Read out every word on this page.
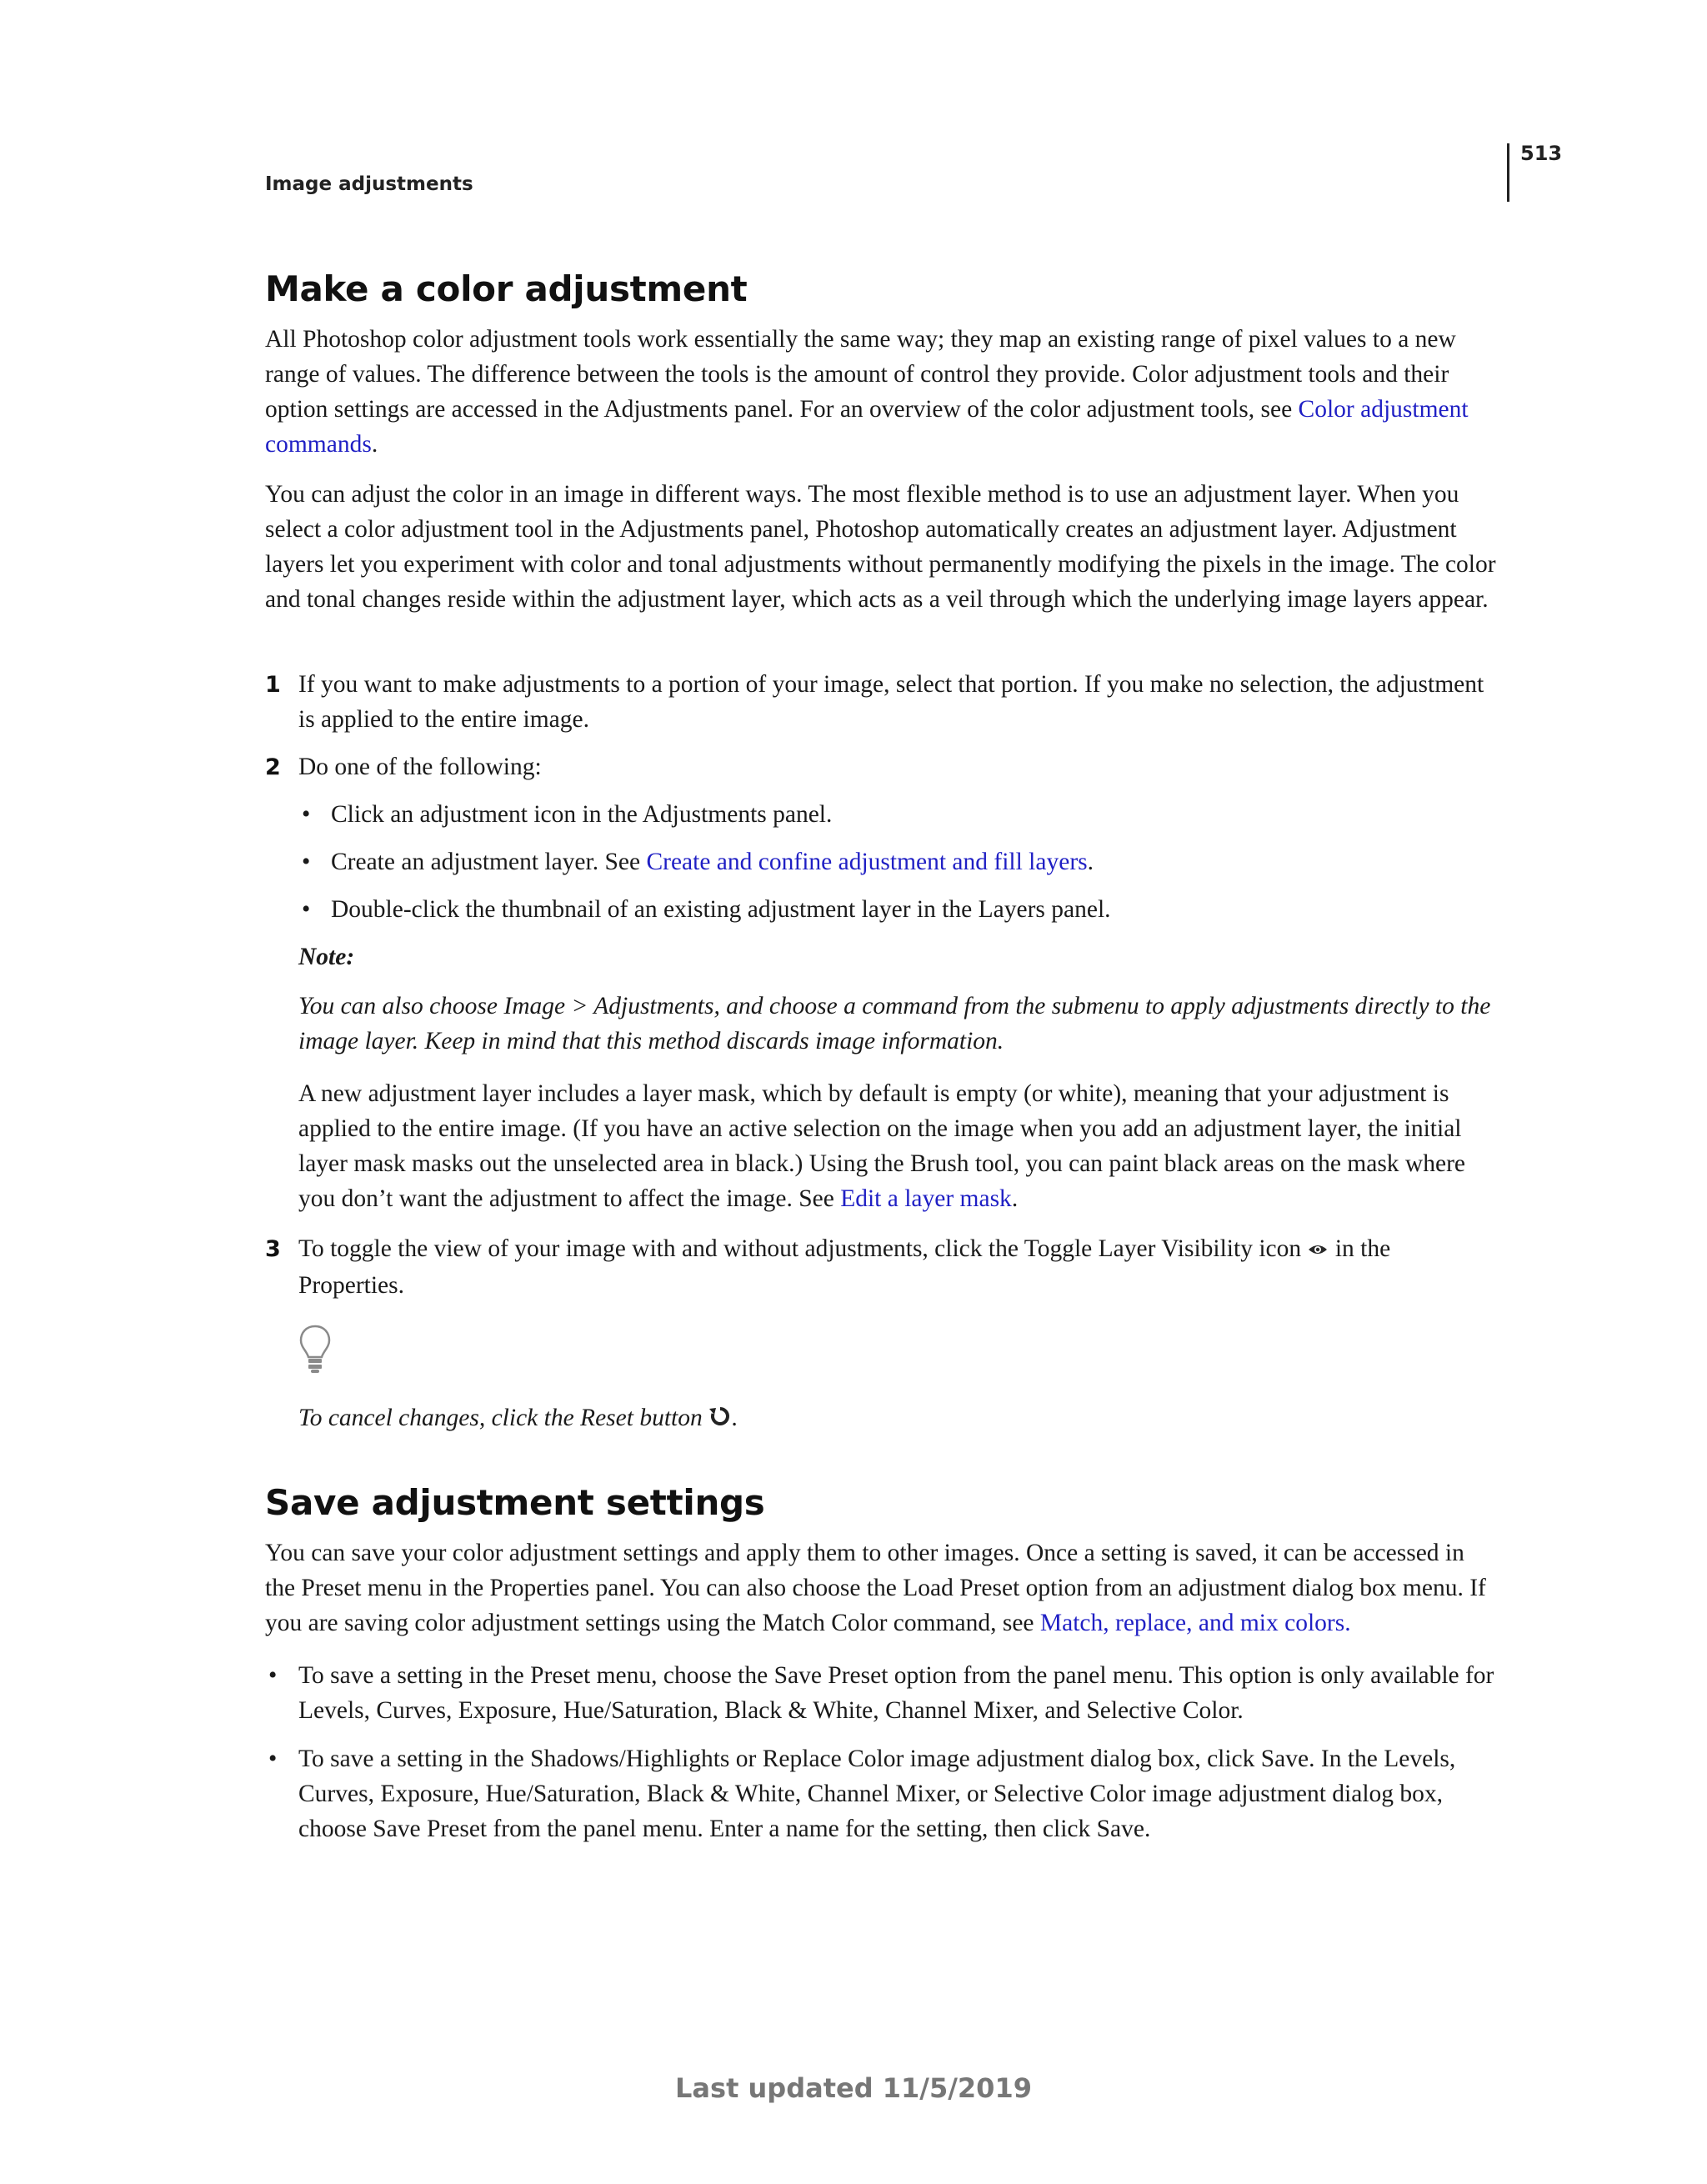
513
Image adjustments
Make a color adjustment

All Photoshop color adjustment tools work essentially the same way; they map an existing range of pixel values to a new range of values. The difference between the tools is the amount of control they provide. Color adjustment tools and their option settings are accessed in the Adjustments panel. For an overview of the color adjustment tools, see Color adjustment commands.

You can adjust the color in an image in different ways. The most flexible method is to use an adjustment layer. When you select a color adjustment tool in the Adjustments panel, Photoshop automatically creates an adjustment layer. Adjustment layers let you experiment with color and tonal adjustments without permanently modifying the pixels in the image. The color and tonal changes reside within the adjustment layer, which acts as a veil through which the underlying image layers appear.

1 If you want to make adjustments to a portion of your image, select that portion. If you make no selection, the adjustment is applied to the entire image.
2 Do one of the following:
• Click an adjustment icon in the Adjustments panel.
• Create an adjustment layer. See Create and confine adjustment and fill layers.
• Double-click the thumbnail of an existing adjustment layer in the Layers panel.
Note:
You can also choose Image > Adjustments, and choose a command from the submenu to apply adjustments directly to the image layer. Keep in mind that this method discards image information.
A new adjustment layer includes a layer mask, which by default is empty (or white), meaning that your adjustment is applied to the entire image. (If you have an active selection on the image when you add an adjustment layer, the initial layer mask masks out the unselected area in black.) Using the Brush tool, you can paint black areas on the mask where you don’t want the adjustment to affect the image. See Edit a layer mask.
3 To toggle the view of your image with and without adjustments, click the Toggle Layer Visibility icon in the Properties.
To cancel changes, click the Reset button .
Save adjustment settings

You can save your color adjustment settings and apply them to other images. Once a setting is saved, it can be accessed in the Preset menu in the Properties panel. You can also choose the Load Preset option from an adjustment dialog box menu. If you are saving color adjustment settings using the Match Color command, see Match, replace, and mix colors.

• To save a setting in the Preset menu, choose the Save Preset option from the panel menu. This option is only available for Levels, Curves, Exposure, Hue/Saturation, Black & White, Channel Mixer, and Selective Color.
• To save a setting in the Shadows/Highlights or Replace Color image adjustment dialog box, click Save. In the Levels, Curves, Exposure, Hue/Saturation, Black & White, Channel Mixer, or Selective Color image adjustment dialog box, choose Save Preset from the panel menu. Enter a name for the setting, then click Save.
Last updated 11/5/2019
